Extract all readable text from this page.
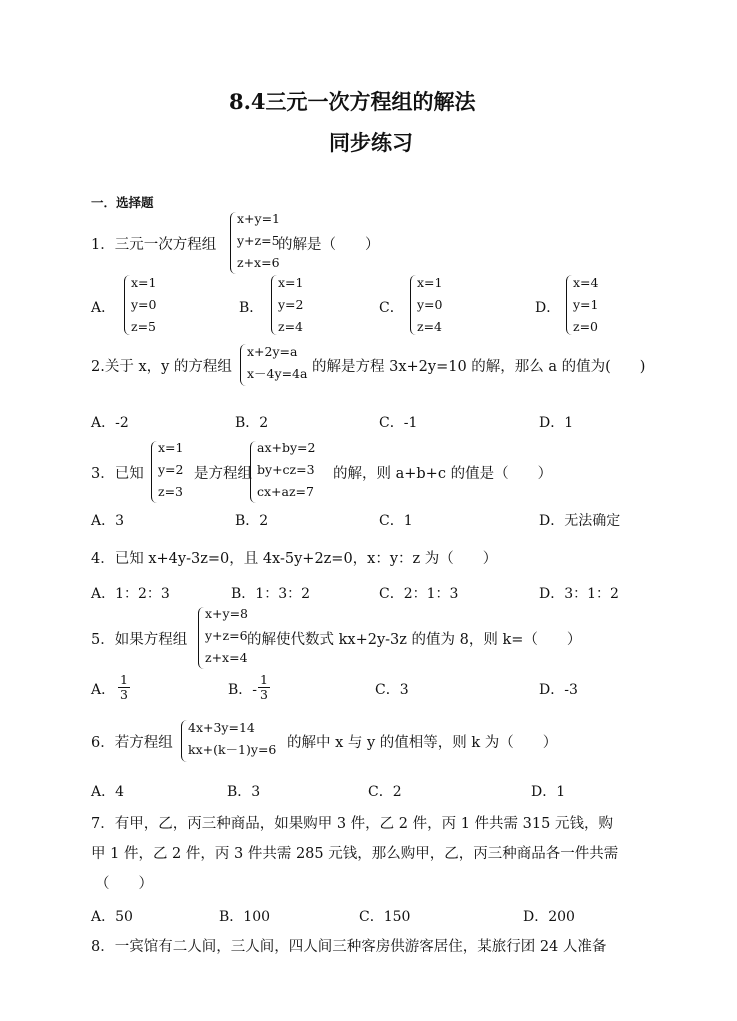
8.4三元一次方程组的解法
同步练习
一．选择题
1．三元一次方程组
x+y=1
y+z=5
z+x=6
的解是（　　）
A．
x=1
y=0
z=5
B．
x=1
y=2
z=4
C．
x=1
y=0
z=4
D．
x=4
y=1
z=0
2.关于 x，y 的方程组
x+2y=a
x－4y=4a 的解是方程 3x+2y=10 的解，那么 a 的值为(　　)
A．-2	B．2	C．-1	D．1
3．已知
x=1
y=2
z=3
是方程组
ax+by=2
by+cz=3
cx+az=7
的解，则 a+b+c 的值是（　　）
A．3	B．2	C．1	D．无法确定
4．已知 x+4y-3z=0，且 4x-5y+2z=0，x：y：z 为（　　）
A．1：2：3	B．1：3：2	C．2：1：3	D．3：1：2
5．如果方程组
x+y=8
y+z=6
z+x=4
的解使代数式 kx+2y-3z 的值为 8，则 k=（　　）
A． $\frac{1}{3}$	B．- $\frac{1}{3}$	C．3	D．-3
6．若方程组
4x+3y=14
kx+(k－1)y=6 的解中 x 与 y 的值相等，则 k 为（　　）
A．4	B．3	C．2	D．1
7．有甲，乙，丙三种商品，如果购甲 3 件，乙 2 件，丙 1 件共需 315 元钱，购
甲 1 件，乙 2 件，丙 3 件共需 285 元钱，那么购甲，乙，丙三种商品各一件共需
（　　）
A．50	B．100	C．150	D．200
8．一宾馆有二人间，三人间，四人间三种客房供游客居住，某旅行团 24 人准备
